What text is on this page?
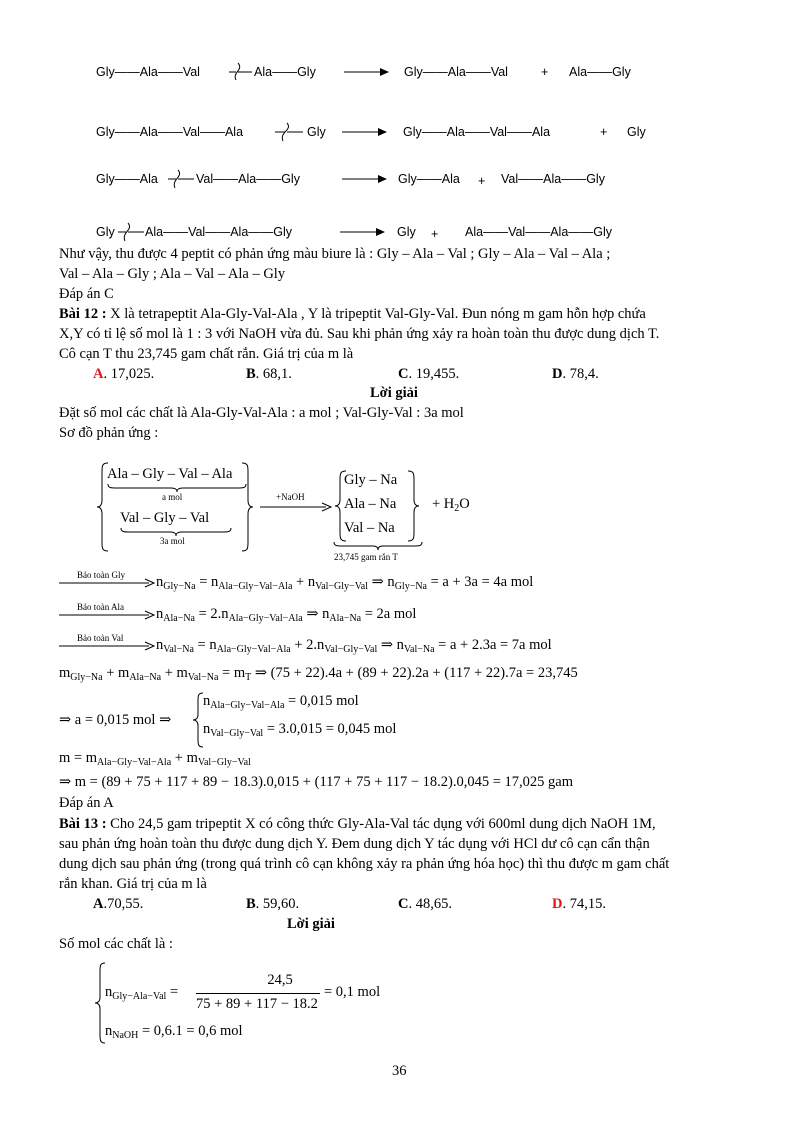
Gly——Ala——Val	Ala——Gly	Gly——Ala——Val	+ Ala——Gly
Gly——Ala——Val——Ala	Gly	Gly——Ala——Val——Ala	+ Gly
Gly——Ala	Val——Ala——Gly	Gly——Ala + Val——Ala——Gly
Gly Ala——Val——Ala——Gly	Gly + Ala——Val——Ala——Gly
Như vậy, thu được 4 peptit có phản ứng màu biure là : Gly – Ala – Val ; Gly – Ala – Val – Ala ;
Val – Ala – Gly ; Ala – Val – Ala – Gly
Đáp án C
Bài 12 : X là tetrapeptit Ala-Gly-Val-Ala , Y là tripeptit Val-Gly-Val. Đun nóng m gam hỗn hợp chứa
X,Y có tỉ lệ số mol là 1 : 3 với NaOH vừa đủ. Sau khi phản ứng xảy ra hoàn toàn thu được dung dịch T.
Cô cạn T thu 23,745 gam chất rắn. Giá trị của m là
A. 17,025.	B. 68,1.	C. 19,455.	D. 78,4.
Lời giải
Đặt số mol các chất là Ala-Gly-Val-Ala : a mol ; Val-Gly-Val : 3a mol
Sơ đồ phản ứng :
Ala – Gly – Val – Ala
a mol
Val – Gly – Val
3a mol
+NaOH
Gly – Na
Ala – Na
Val – Na
23,745 gam rắn T
+ $H_2O$
Bảo toàn Gly $n_{Gly-Na} = n_{Ala-Gly-Val-Ala} + n_{Val-Gly-Val}$ ⇒ $n_{Gly-Na} = a + 3a = 4a$ mol
Bảo toàn Ala $n_{Ala-Na} = 2.n_{Ala-Gly-Val-Ala}$ ⇒ $n_{Ala-Na} = 2a$ mol
Bảo toàn Val $n_{Val-Na} = n_{Ala-Gly-Val-Ala} + 2.n_{Val-Gly-Val}$ ⇒ $n_{Val-Na} = a + 2.3a = 7a$ mol
$m_{Gly-Na} + m_{Ala-Na} + m_{Val-Na} = m_T$ ⇒ (75 + 22).4a + (89 + 22).2a + (117 + 22).7a = 23,745
⇒ a = 0,015 mol ⇒
$n_{Ala-Gly-Val-Ala} = 0,015$ mol
$n_{Val-Gly-Val} = 3.0,015 = 0,045$ mol
$m = m_{Ala-Gly-Val-Ala} + m_{Val-Gly-Val}$
⇒ m = (89 + 75 + 117 + 89 − 18.3).0,015 + (117 + 75 + 117 − 18.2).0,045 = 17,025 gam
Đáp án A
Bài 13 : Cho 24,5 gam tripeptit X có công thức Gly-Ala-Val tác dụng với 600ml dung dịch NaOH 1M,
sau phản ứng hoàn toàn thu được dung dịch Y. Đem dung dịch Y tác dụng với HCl dư cô cạn cẩn thận
dung dịch sau phản ứng (trong quá trình cô cạn không xảy ra phản ứng hóa học) thì thu được m gam chất
rắn khan. Giá trị của m là
A.70,55.	B. 59,60.	C. 48,65.	D. 74,15.
Lời giải
Số mol các chất là :
$n_{Gly-Ala-Val}$ =
24,5
75 + 89 + 117 − 18.2
= 0,1 mol
$n_{NaOH} = 0,6.1 = 0,6$ mol
36
